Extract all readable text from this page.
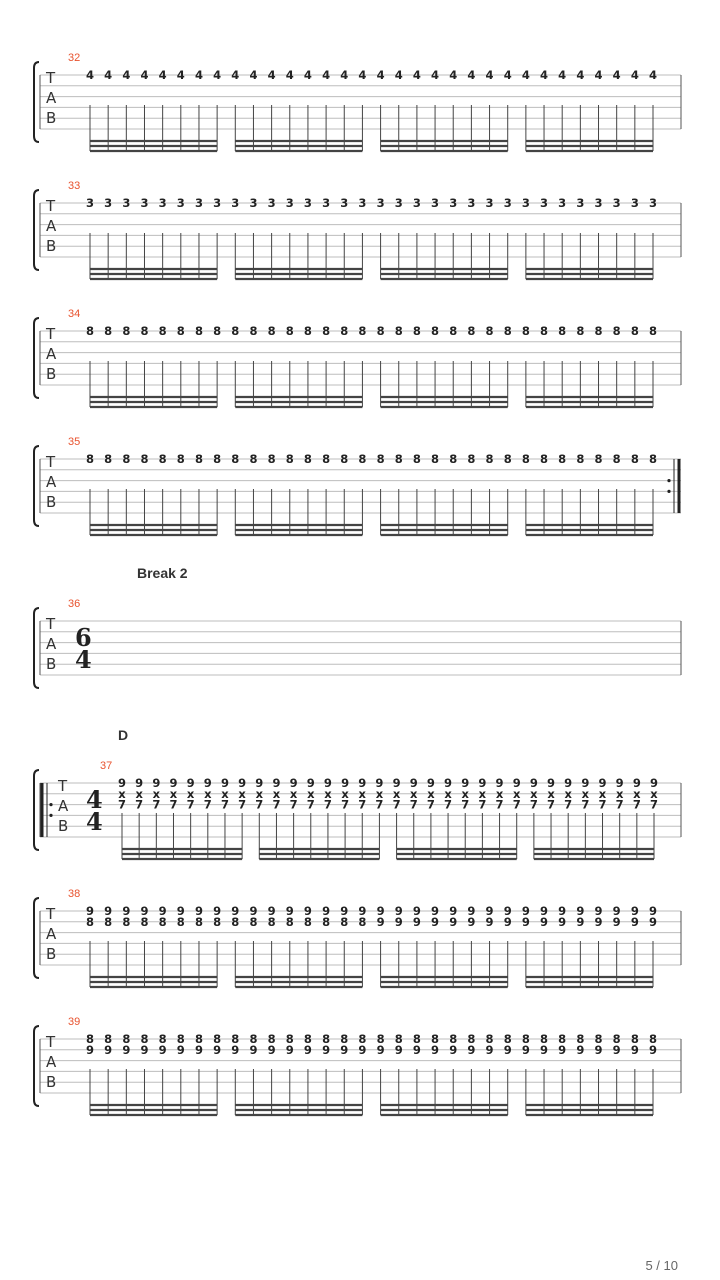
32
T
A
B
4 4 4 4 4 4 4 4 4 4 4 4 4 4 4 4 4 4 4 4 4 4 4 4 4 4 4 4 4 4 4 4
33
T
A
B
3 3 3 3 3 3 3 3 3 3 3 3 3 3 3 3 3 3 3 3 3 3 3 3 3 3 3 3 3 3 3 3
34
T
A
B
8 8 8 8 8 8 8 8 8 8 8 8 8 8 8 8 8 8 8 8 8 8 8 8 8 8 8 8 8 8 8 8
35
T
A
B
8 8 8 8 8 8 8 8 8 8 8 8 8 8 8 8 8 8 8 8 8 8 8 8 8 8 8 8 8 8 8 8
36
Break 2
T
A
B
6
4
37
D
T
A
B
4
4
9
x
7
9
x
7
9
x
7
9
x
7
9
x
7
9
x
7
9
x
7
9
x
7
9
x
7
9
x
7
9
x
7
9
x
7
9
x
7
9
x
7
9
x
7
9
x
7
9
x
7
9
x
7
9
x
7
9
x
7
9
x
7
9
x
7
9
x
7
9
x
7
9
x
7
9
x
7
9
x
7
9
x
7
9
x
7
9
x
7
9
x
7
9
x
7
38
T
A
B
9
8
9
8
9
8
9
8
9
8
9
8
9
8
9
8
9
8
9
8
9
8
9
8
9
8
9
8
9
8
9
8
9
9
9
9
9
9
9
9
9
9
9
9
9
9
9
9
9
9
9
9
9
9
9
9
9
9
9
9
9
9
9
9
39
T
A
B
8
9
8
9
8
9
8
9
8
9
8
9
8
9
8
9
8
9
8
9
8
9
8
9
8
9
8
9
8
9
8
9
8
9
8
9
8
9
8
9
8
9
8
9
8
9
8
9
8
9
8
9
8
9
8
9
8
9
8
9
8
9
8
9
5 / 10
